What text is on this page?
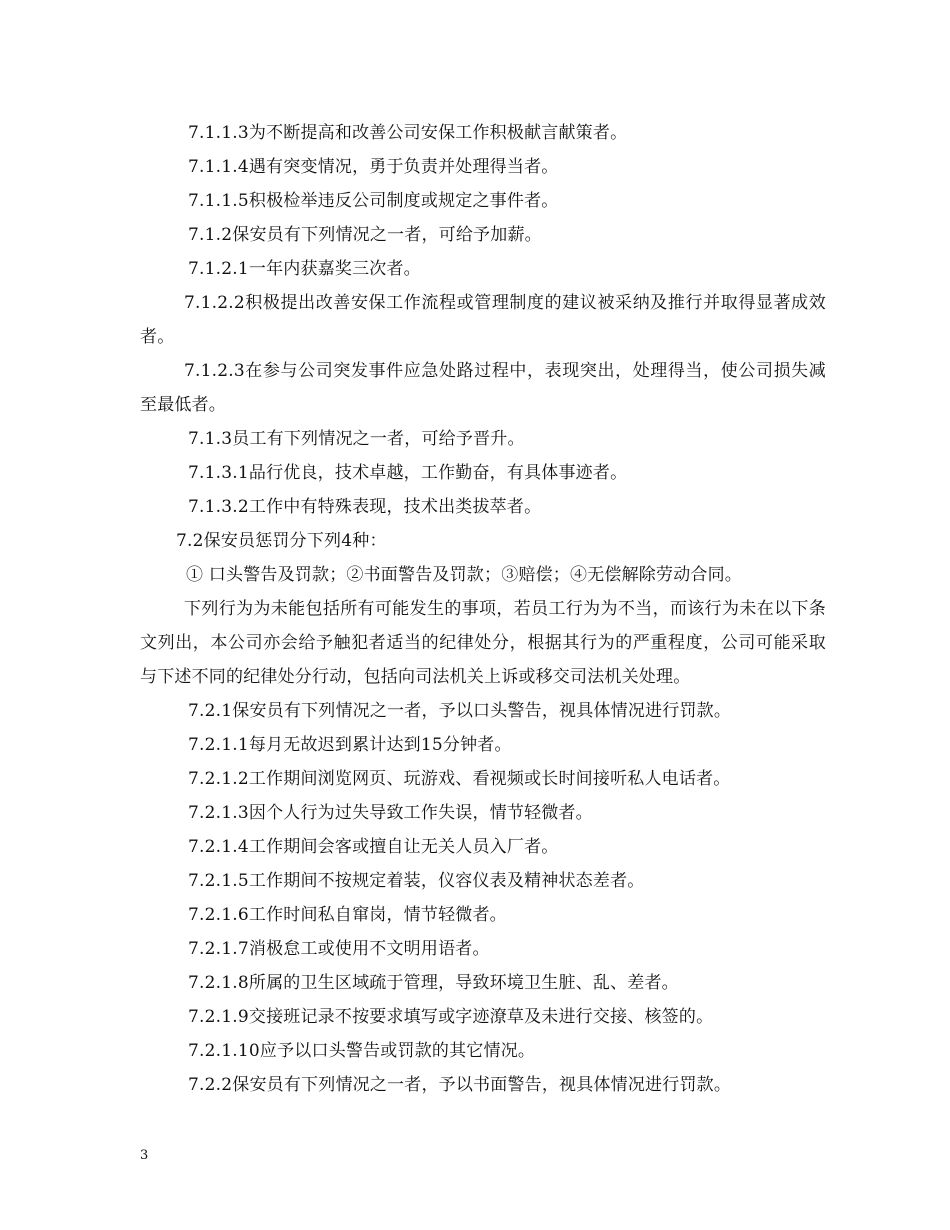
7.1.1.3为不断提高和改善公司安保工作积极献言献策者。
7.1.1.4遇有突变情况，勇于负责并处理得当者。
7.1.1.5积极检举违反公司制度或规定之事件者。
7.1.2保安员有下列情况之一者，可给予加薪。
7.1.2.1一年内获嘉奖三次者。
7.1.2.2积极提出改善安保工作流程或管理制度的建议被采纳及推行并取得显著成效者。
7.1.2.3在参与公司突发事件应急处路过程中，表现突出，处理得当，使公司损失减至最低者。
7.1.3员工有下列情况之一者，可给予晋升。
7.1.3.1品行优良，技术卓越，工作勤奋，有具体事迹者。
7.1.3.2工作中有特殊表现，技术出类拔萃者。
7.2保安员惩罚分下列4种：
① 口头警告及罚款；②书面警告及罚款；③赔偿；④无偿解除劳动合同。
下列行为为未能包括所有可能发生的事项，若员工行为为不当，而该行为未在以下条文列出，本公司亦会给予触犯者适当的纪律处分，根据其行为的严重程度，公司可能采取与下述不同的纪律处分行动，包括向司法机关上诉或移交司法机关处理。
7.2.1保安员有下列情况之一者，予以口头警告，视具体情况进行罚款。
7.2.1.1每月无故迟到累计达到15分钟者。
7.2.1.2工作期间浏览网页、玩游戏、看视频或长时间接听私人电话者。
7.2.1.3因个人行为过失导致工作失误，情节轻微者。
7.2.1.4工作期间会客或擅自让无关人员入厂者。
7.2.1.5工作期间不按规定着装，仪容仪表及精神状态差者。
7.2.1.6工作时间私自窜岗，情节轻微者。
7.2.1.7消极怠工或使用不文明用语者。
7.2.1.8所属的卫生区域疏于管理，导致环境卫生脏、乱、差者。
7.2.1.9交接班记录不按要求填写或字迹潦草及未进行交接、核签的。
7.2.1.10应予以口头警告或罚款的其它情况。
7.2.2保安员有下列情况之一者，予以书面警告，视具体情况进行罚款。
3
